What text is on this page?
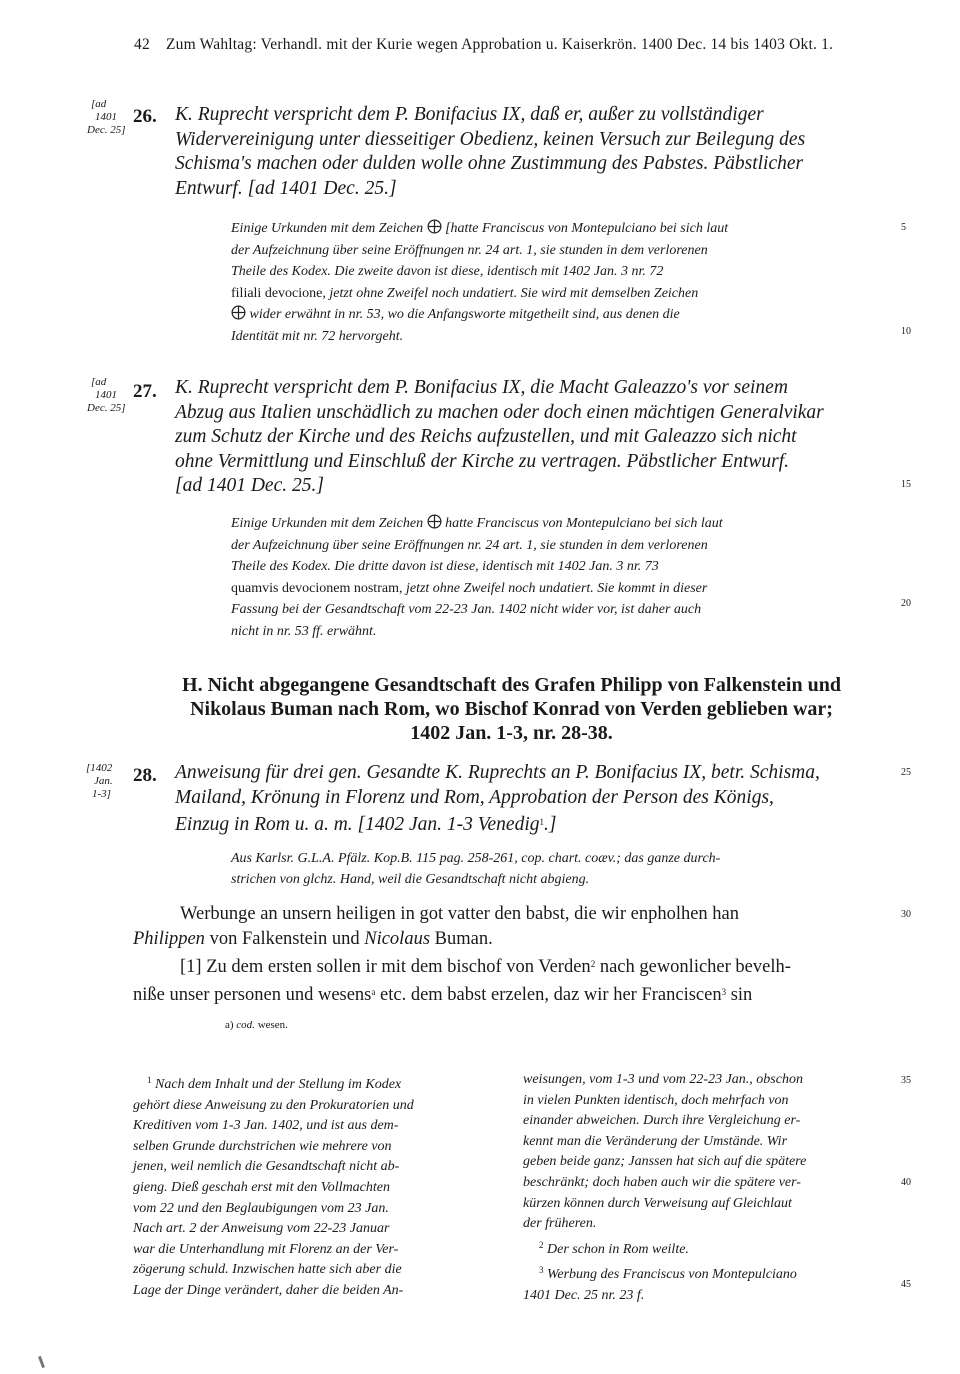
42 Zum Wahltag: Verhandl. mit der Kurie wegen Approbation u. Kaiserkrön. 1400 Dec. 14 bis 1403 Okt. 1.
[ad
1401
Dec. 25]
26. K. Ruprecht verspricht dem P. Bonifacius IX, daß er, außer zu vollständiger
Widervereinigung unter diesseitiger Obedienz, keinen Versuch zur Beilegung des
Schisma's machen oder dulden wolle ohne Zustimmung des Pabstes. Päbstlicher
Entwurf. [ad 1401 Dec. 25.]
Einige Urkunden mit dem Zeichen [hatte Franciscus von Montepulciano bei sich laut
der Aufzeichnung über seine Eröffnungen nr. 24 art. 1, sie stunden in dem verlorenen
Theile des Kodex. Die zweite davon ist diese, identisch mit 1402 Jan. 3 nr. 72
filiali devocione, jetzt ohne Zweifel noch undatiert. Sie wird mit demselben Zeichen
wider erwähnt in nr. 53, wo die Anfangsworte mitgetheilt sind, aus denen die
Identität mit nr. 72 hervorgeht.
[ad
1401
Dec. 25]
27. K. Ruprecht verspricht dem P. Bonifacius IX, die Macht Galeazzo's vor seinem
Abzug aus Italien unschädlich zu machen oder doch einen mächtigen Generalvikar
zum Schutz der Kirche und des Reichs aufzustellen, und mit Galeazzo sich nicht
ohne Vermittlung und Einschluß der Kirche zu vertragen. Päbstlicher Entwurf.
[ad 1401 Dec. 25.]
Einige Urkunden mit dem Zeichen hatte Franciscus von Montepulciano bei sich laut
der Aufzeichnung über seine Eröffnungen nr. 24 art. 1, sie stunden in dem verlorenen
Theile des Kodex. Die dritte davon ist diese, identisch mit 1402 Jan. 3 nr. 73
quamvis devocionem nostram, jetzt ohne Zweifel noch undatiert. Sie kommt in dieser
Fassung bei der Gesandtschaft vom 22-23 Jan. 1402 nicht wider vor, ist daher auch
nicht in nr. 53 ff. erwähnt.
H. Nicht abgegangene Gesandtschaft des Grafen Philipp von Falkenstein und
Nikolaus Buman nach Rom, wo Bischof Konrad von Verden geblieben war;
1402 Jan. 1-3, nr. 28-38.
[1402
Jan.
1-3]
28. Anweisung für drei gen. Gesandte K. Ruprechts an P. Bonifacius IX, betr. Schisma,
Mailand, Krönung in Florenz und Rom, Approbation der Person des Königs,
Einzug in Rom u. a. m. [1402 Jan. 1-3 Venedig$^1$.]
Aus Karlsr. G.L.A. Pfälz. Kop.B. 115 pag. 258-261, cop. chart. coæv.; das ganze durch-
strichen von glchz. Hand, weil die Gesandtschaft nicht abgieng.
Werbunge an unsern heiligen in got vatter den babst, die wir enpholhen han
Philippen von Falkenstein und Nicolaus Buman.
[1] Zu dem ersten sollen ir mit dem bischof von Verden$^2$ nach gewonlicher bevelh-
niße unser personen und wesens$^a$ etc. dem babst erzelen, daz wir her Franciscen$^3$ sin
a) cod. wesen.

$^1$ Nach dem Inhalt und der Stellung im Kodex

gehört diese Anweisung zu den Prokuratorien und

Kreditiven vom 1-3 Jan. 1402, und ist aus dem-

selben Grunde durchstrichen wie mehrere von

jenen, weil nemlich die Gesandtschaft nicht ab-

gieng. Dieß geschah erst mit den Vollmachten

vom 22 und den Beglaubigungen vom 23 Jan.

Nach art. 2 der Anweisung vom 22-23 Januar

war die Unterhandlung mit Florenz an der Ver-

zögerung schuld. Inzwischen hatte sich aber die

Lage der Dinge verändert, daher die beiden An-

weisungen, vom 1-3 und vom 22-23 Jan., obschon

in vielen Punkten identisch, doch mehrfach von

einander abweichen. Durch ihre Vergleichung er-

kennt man die Veränderung der Umstände. Wir

geben beide ganz; Janssen hat sich auf die spätere

beschränkt; doch haben auch wir die spätere ver-

kürzen können durch Verweisung auf Gleichlaut

der früheren.

$^2$ Der schon in Rom weilte.

$^3$ Werbung des Franciscus von Montepulciano

1401 Dec. 25 nr. 23 f.

5
10
15
20
25
30
35
40
45
